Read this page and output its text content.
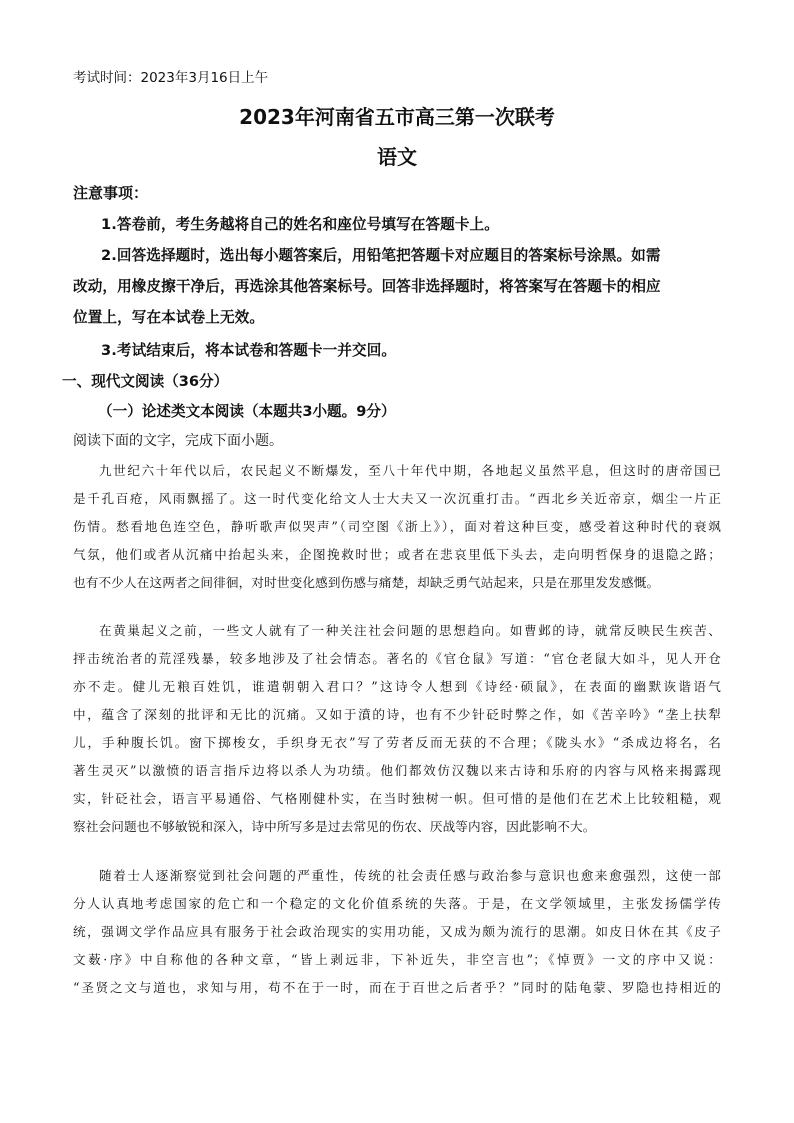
考试时间：2023年3月16日上午
2023年河南省五市高三第一次联考
语文
注意事项：
1.答卷前，考生务越将自己的姓名和座位号填写在答题卡上。
2.回答选择题时，选出每小题答案后，用铅笔把答题卡对应题目的答案标号涂黑。如需
改动，用橡皮擦干净后，再选涂其他答案标号。回答非选择题时，将答案写在答题卡的相应
位置上，写在本试卷上无效。
3.考试结束后，将本试卷和答题卡一并交回。
一、现代文阅读（36分）
（一）论述类文本阅读（本题共3小题。9分）
阅读下面的文字，完成下面小题。
九世纪六十年代以后，农民起义不断爆发，至八十年代中期，各地起义虽然平息，但这时的唐帝国已
是千孔百疮，风雨飘摇了。这一时代变化给文人士大夫又一次沉重打击。“西北乡关近帝京，烟尘一片正
伤情。愁看地色连空色，静听歌声似哭声”（司空图《浙上》），面对着这种巨变，感受着这种时代的衰飒
气氛，他们或者从沉痛中抬起头来，企图挽救时世；或者在悲哀里低下头去，走向明哲保身的退隐之路；
也有不少人在这两者之间徘徊，对时世变化感到伤感与痛楚，却缺乏勇气站起来，只是在那里发发感慨。
在黄巢起义之前，一些文人就有了一种关注社会问题的思想趋向。如曹邺的诗，就常反映民生疾苦、
抨击统治者的荒淫残暴，较多地涉及了社会情态。著名的《官仓鼠》写道：“官仓老鼠大如斗，见人开仓
亦不走。健儿无粮百姓饥，谁遣朝朝入君口？”这诗令人想到《诗经·硕鼠》，在表面的幽默诙谐语气
中，蕴含了深刻的批评和无比的沉痛。又如于濆的诗，也有不少针砭时弊之作，如《苦辛吟》“垄上扶犁
儿，手种腹长饥。窗下掷梭女，手织身无衣”写了劳者反而无获的不合理；《陇头水》“杀成边将名，名
著生灵灭”以激愤的语言指斥边将以杀人为功绩。他们都效仿汉魏以来古诗和乐府的内容与风格来揭露现
实，针砭社会，语言平易通俗、气格刚健朴实，在当时独树一帜。但可惜的是他们在艺术上比较粗糙，观
察社会问题也不够敏锐和深入，诗中所写多是过去常见的伤农、厌战等内容，因此影响不大。
随着士人逐渐察觉到社会问题的严重性，传统的社会责任感与政治参与意识也愈来愈强烈，这使一部
分人认真地考虑国家的危亡和一个稳定的文化价值系统的失落。于是，在文学领域里，主张发扬儒学传
统，强调文学作品应具有服务于社会政治现实的实用功能，又成为颇为流行的思潮。如皮日休在其《皮子
文薮·序》中自称他的各种文章，“皆上剥远非，下补近失，非空言也”；《悼贾》一文的序中又说：
“圣贤之文与道也，求知与用，苟不在于一时，而在于百世之后者乎？”同时的陆龟蒙、罗隐也持相近的
